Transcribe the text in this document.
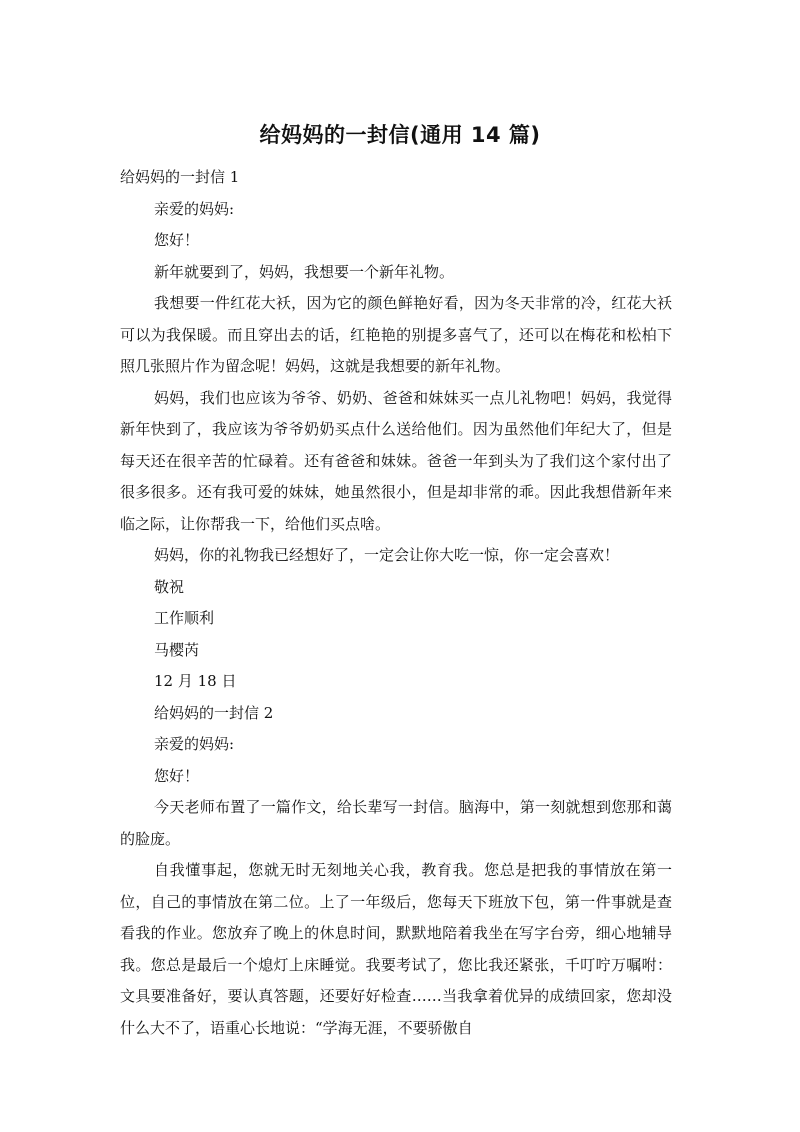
给妈妈的一封信(通用 14 篇)

给妈妈的一封信 1

亲爱的妈妈:

您好！

新年就要到了，妈妈，我想要一个新年礼物。

我想要一件红花大袄，因为它的颜色鲜艳好看，因为冬天非常的冷，红花大袄可以为我保暖。而且穿出去的话，红艳艳的别提多喜气了，还可以在梅花和松柏下照几张照片作为留念呢！妈妈，这就是我想要的新年礼物。

妈妈，我们也应该为爷爷、奶奶、爸爸和妹妹买一点儿礼物吧！妈妈，我觉得新年快到了，我应该为爷爷奶奶买点什么送给他们。因为虽然他们年纪大了，但是每天还在很辛苦的忙碌着。还有爸爸和妹妹。爸爸一年到头为了我们这个家付出了很多很多。还有我可爱的妹妹，她虽然很小，但是却非常的乖。因此我想借新年来临之际，让你帮我一下，给他们买点啥。

妈妈，你的礼物我已经想好了，一定会让你大吃一惊，你一定会喜欢！

敬祝

工作顺利

马樱芮

12 月 18 日

给妈妈的一封信 2

亲爱的妈妈:

您好！

今天老师布置了一篇作文，给长辈写一封信。脑海中，第一刻就想到您那和蔼的脸庞。

自我懂事起，您就无时无刻地关心我，教育我。您总是把我的事情放在第一位，自己的事情放在第二位。上了一年级后，您每天下班放下包，第一件事就是查看我的作业。您放弃了晚上的休息时间，默默地陪着我坐在写字台旁，细心地辅导我。您总是最后一个熄灯上床睡觉。我要考试了，您比我还紧张，千叮咛万嘱咐：文具要准备好，要认真答题，还要好好检查……当我拿着优异的成绩回家，您却没什么大不了，语重心长地说：“学海无涯，不要骄傲自
